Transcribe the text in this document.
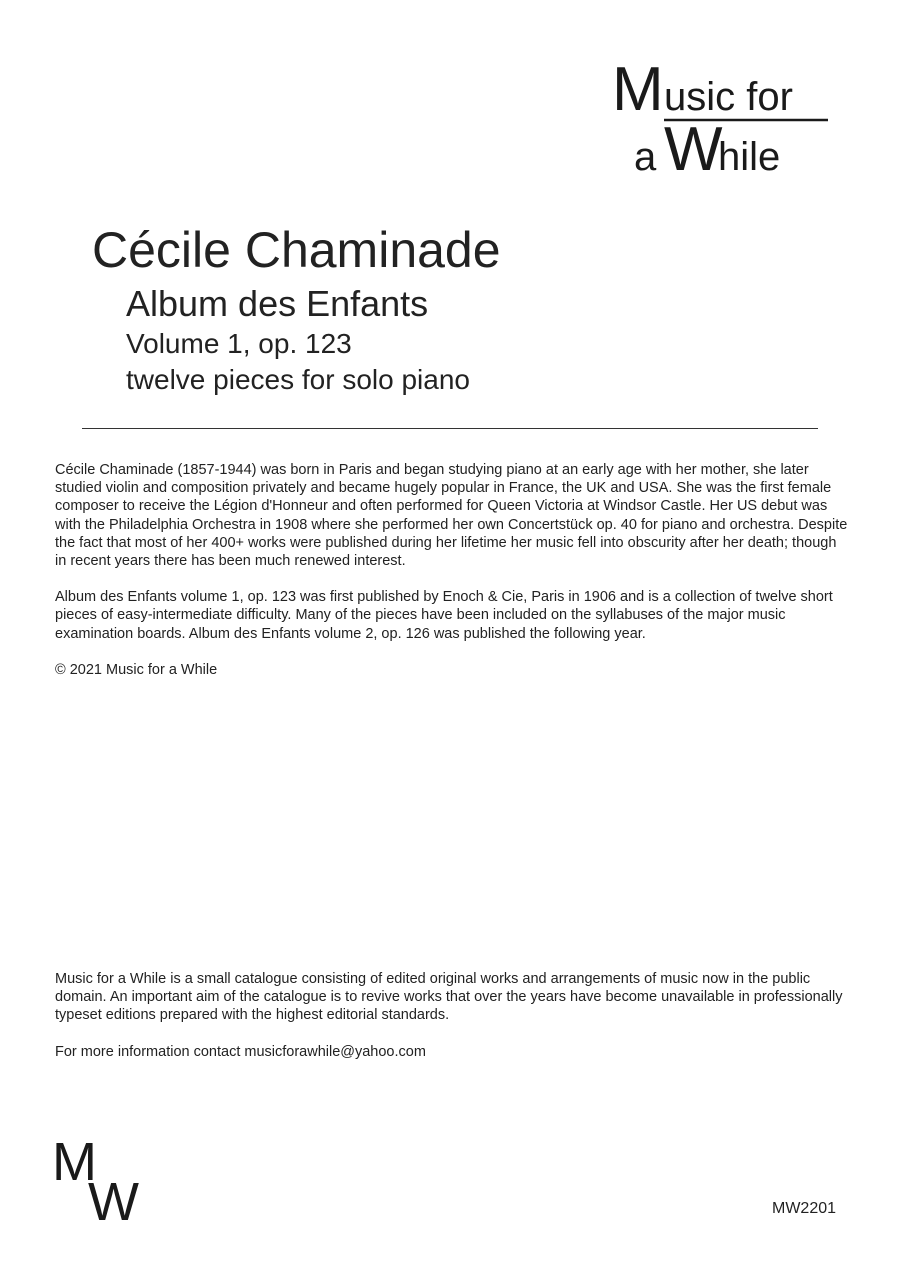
M usic for
a W
hile
Cécile Chaminade
Album des Enfants
Volume 1, op. 123
twelve pieces for solo piano

Cécile Chaminade (1857-1944) was born in Paris and began studying piano at an early age with her mother, she later studied violin and composition privately and became hugely popular in France, the UK and USA. She was the first female composer to receive the Légion d'Honneur and often performed for Queen Victoria at Windsor Castle. Her US debut was with the Philadelphia Orchestra in 1908 where she performed her own Concertstück op. 40 for piano and orchestra. Despite the fact that most of her 400+ works were published during her lifetime her music fell into obscurity after her death; though in recent years there has been much renewed interest.

Album des Enfants volume 1, op. 123 was first published by Enoch & Cie, Paris in 1906 and is a collection of twelve short pieces of easy-intermediate difficulty. Many of the pieces have been included on the syllabuses of the major music examination boards. Album des Enfants volume 2, op. 126 was published the following year.

© 2021 Music for a While

Music for a While is a small catalogue consisting of edited original works and arrangements of music now in the public domain. An important aim of the catalogue is to revive works that over the years have become unavailable in professionally typeset editions prepared with the highest editorial standards.

For more information contact musicforawhile@yahoo.com

M
W	MW2201
